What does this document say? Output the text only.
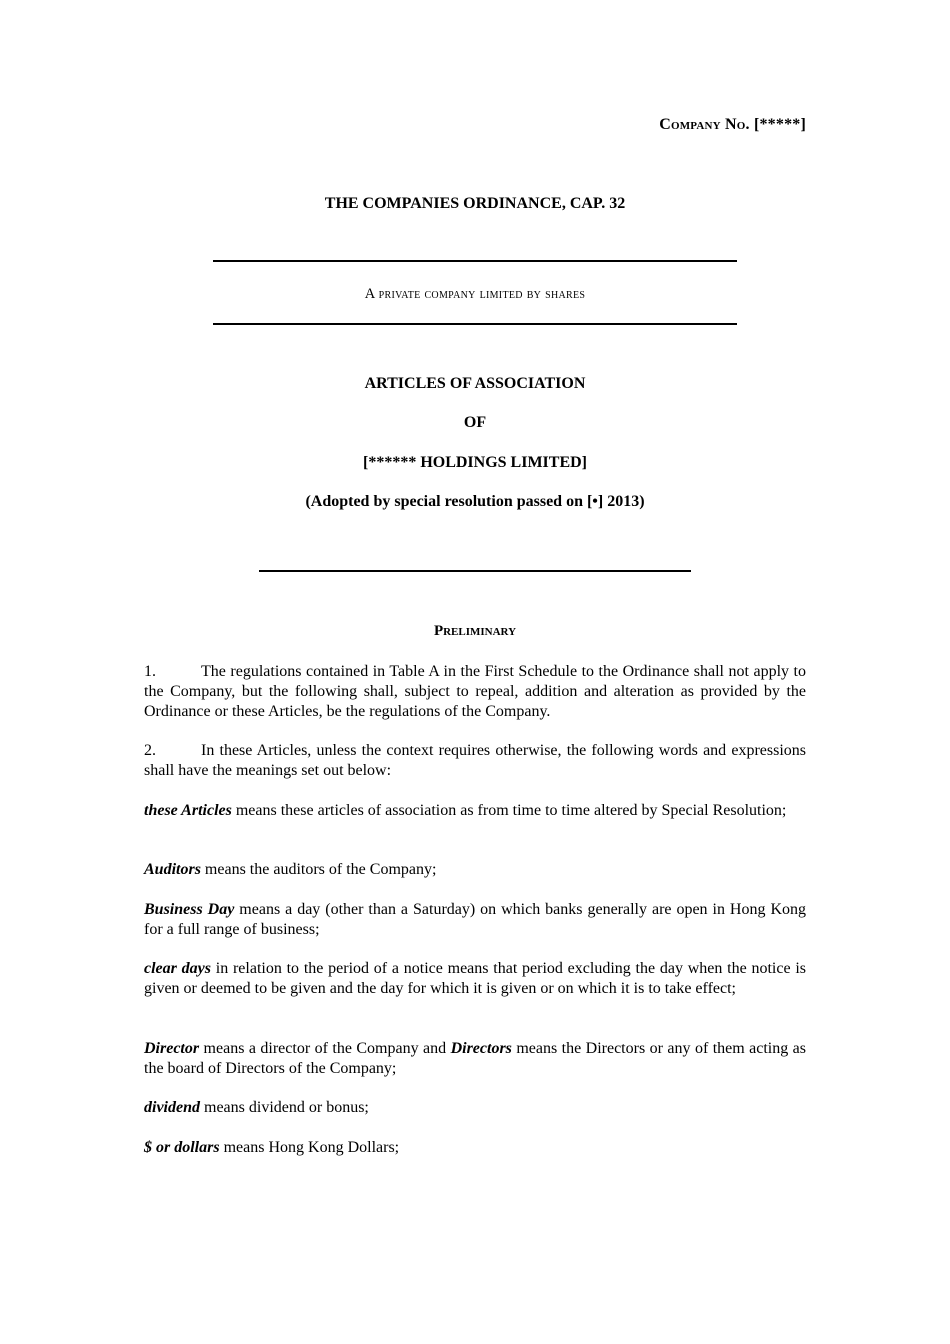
Company No. [*****]
THE COMPANIES ORDINANCE, CAP. 32
A private company limited by shares
ARTICLES OF ASSOCIATION
OF
[****** HOLDINGS LIMITED]
(Adopted by special resolution passed on [•] 2013)
Preliminary
1.	The regulations contained in Table A in the First Schedule to the Ordinance shall not apply to the Company, but the following shall, subject to repeal, addition and alteration as provided by the Ordinance or these Articles, be the regulations of the Company.
2.	In these Articles, unless the context requires otherwise, the following words and expressions shall have the meanings set out below:
these Articles means these articles of association as from time to time altered by Special Resolution;
Auditors means the auditors of the Company;
Business Day means a day (other than a Saturday) on which banks generally are open in Hong Kong for a full range of business;
clear days in relation to the period of a notice means that period excluding the day when the notice is given or deemed to be given and the day for which it is given or on which it is to take effect;
Director means a director of the Company and Directors means the Directors or any of them acting as the board of Directors of the Company;
dividend means dividend or bonus;
$ or dollars means Hong Kong Dollars;
